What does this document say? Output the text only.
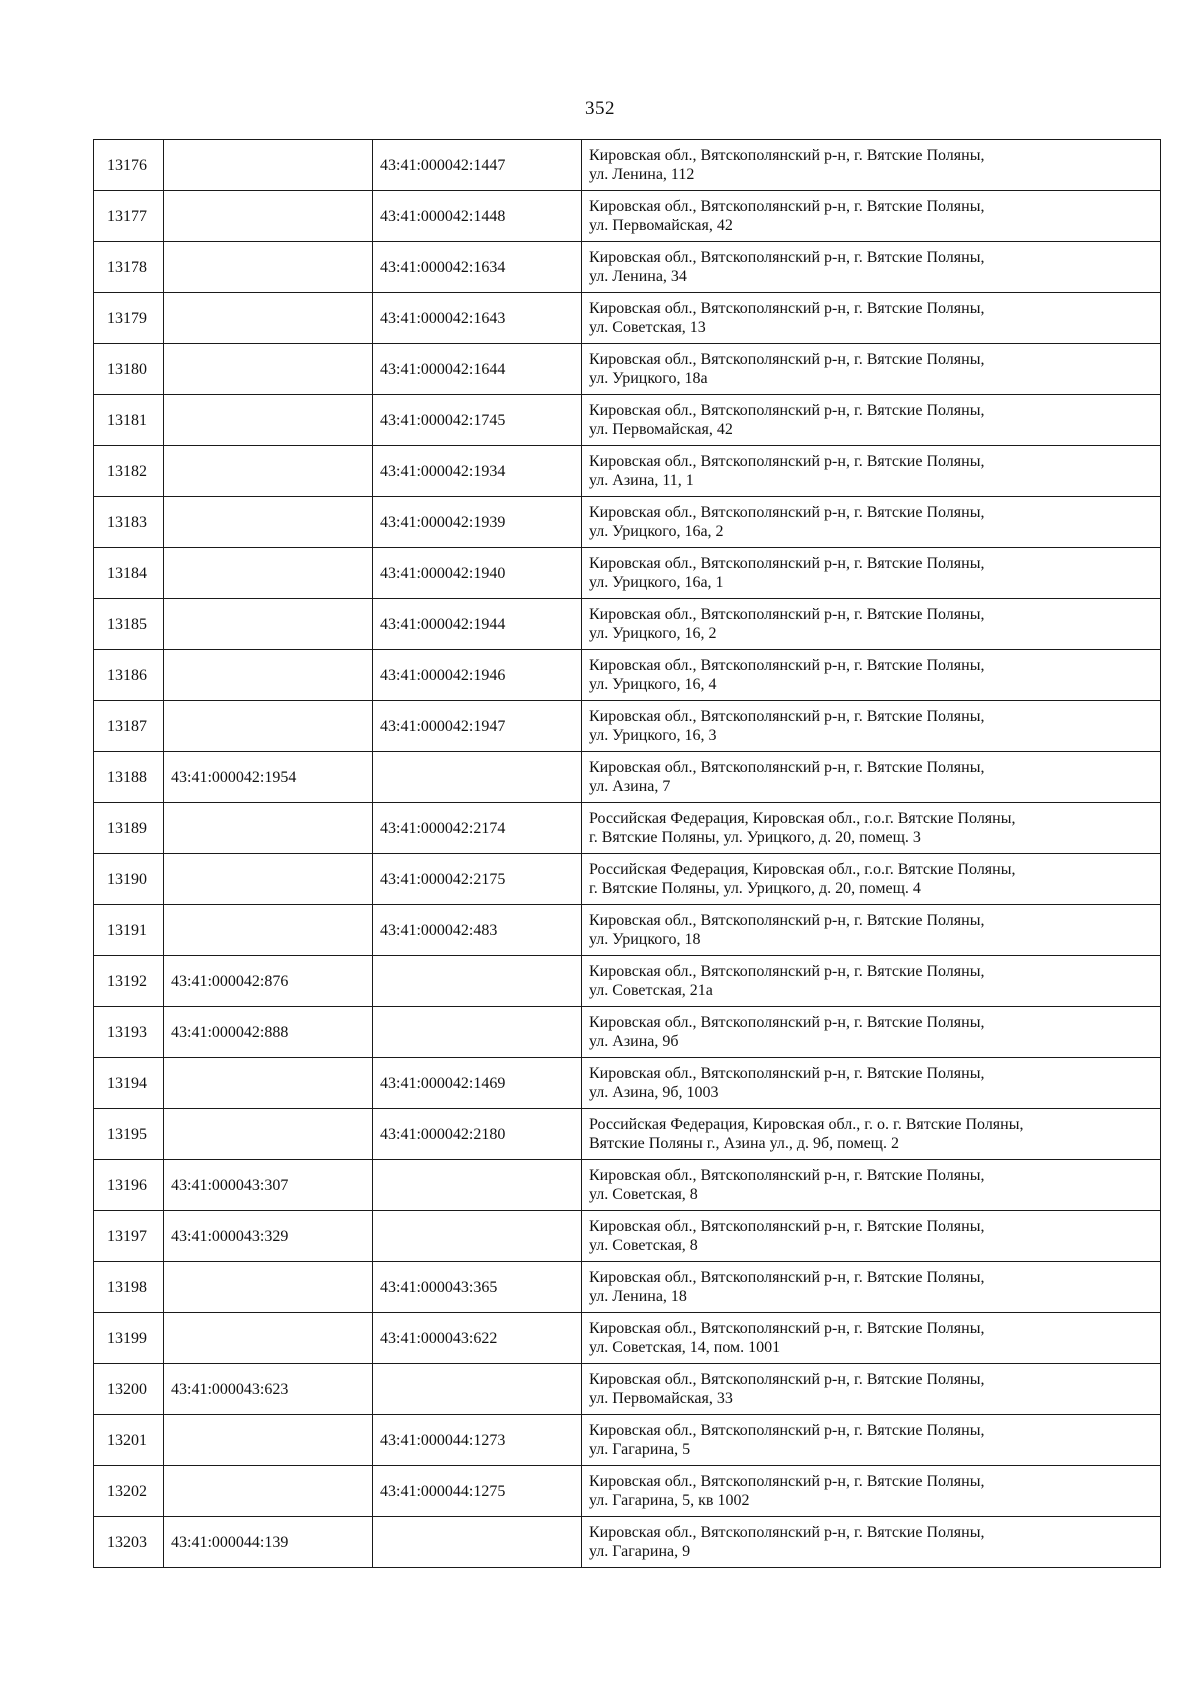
352
13176		43:41:000042:1447	Кировская обл., Вятскополянский р-н, г. Вятские Поляны,
ул. Ленина, 112

13177		43:41:000042:1448	Кировская обл., Вятскополянский р-н, г. Вятские Поляны,
ул. Первомайская, 42

13178		43:41:000042:1634	Кировская обл., Вятскополянский р-н, г. Вятские Поляны,
ул. Ленина, 34

13179		43:41:000042:1643	Кировская обл., Вятскополянский р-н, г. Вятские Поляны,
ул. Советская, 13

13180		43:41:000042:1644	Кировская обл., Вятскополянский р-н, г. Вятские Поляны,
ул. Урицкого, 18а

13181		43:41:000042:1745	Кировская обл., Вятскополянский р-н, г. Вятские Поляны,
ул. Первомайская, 42

13182		43:41:000042:1934	Кировская обл., Вятскополянский р-н, г. Вятские Поляны,
ул. Азина, 11, 1

13183		43:41:000042:1939	Кировская обл., Вятскополянский р-н, г. Вятские Поляны,
ул. Урицкого, 16а, 2

13184		43:41:000042:1940	Кировская обл., Вятскополянский р-н, г. Вятские Поляны,
ул. Урицкого, 16а, 1

13185		43:41:000042:1944	Кировская обл., Вятскополянский р-н, г. Вятские Поляны,
ул. Урицкого, 16, 2

13186		43:41:000042:1946	Кировская обл., Вятскополянский р-н, г. Вятские Поляны,
ул. Урицкого, 16, 4

13187		43:41:000042:1947	Кировская обл., Вятскополянский р-н, г. Вятские Поляны,
ул. Урицкого, 16, 3

13188	43:41:000042:1954		Кировская обл., Вятскополянский р-н, г. Вятские Поляны,
ул. Азина, 7

13189		43:41:000042:2174	Российская Федерация, Кировская обл., г.о.г. Вятские Поляны,
г. Вятские Поляны, ул. Урицкого, д. 20, помещ. 3

13190		43:41:000042:2175	Российская Федерация, Кировская обл., г.о.г. Вятские Поляны,
г. Вятские Поляны, ул. Урицкого, д. 20, помещ. 4

13191		43:41:000042:483	Кировская обл., Вятскополянский р-н, г. Вятские Поляны,
ул. Урицкого, 18

13192	43:41:000042:876		Кировская обл., Вятскополянский р-н, г. Вятские Поляны,
ул. Советская, 21а

13193	43:41:000042:888		Кировская обл., Вятскополянский р-н, г. Вятские Поляны,
ул. Азина, 9б

13194		43:41:000042:1469	Кировская обл., Вятскополянский р-н, г. Вятские Поляны,
ул. Азина, 9б, 1003

13195		43:41:000042:2180	Российская Федерация, Кировская обл., г. о. г. Вятские Поляны,
Вятские Поляны г., Азина ул., д. 9б, помещ. 2

13196	43:41:000043:307		Кировская обл., Вятскополянский р-н, г. Вятские Поляны,
ул. Советская, 8

13197	43:41:000043:329		Кировская обл., Вятскополянский р-н, г. Вятские Поляны,
ул. Советская, 8

13198		43:41:000043:365	Кировская обл., Вятскополянский р-н, г. Вятские Поляны,
ул. Ленина, 18

13199		43:41:000043:622	Кировская обл., Вятскополянский р-н, г. Вятские Поляны,
ул. Советская, 14, пом. 1001

13200	43:41:000043:623		Кировская обл., Вятскополянский р-н, г. Вятские Поляны,
ул. Первомайская, 33

13201		43:41:000044:1273	Кировская обл., Вятскополянский р-н, г. Вятские Поляны,
ул. Гагарина, 5

13202		43:41:000044:1275	Кировская обл., Вятскополянский р-н, г. Вятские Поляны,
ул. Гагарина, 5, кв 1002

13203	43:41:000044:139		Кировская обл., Вятскополянский р-н, г. Вятские Поляны,
ул. Гагарина, 9
